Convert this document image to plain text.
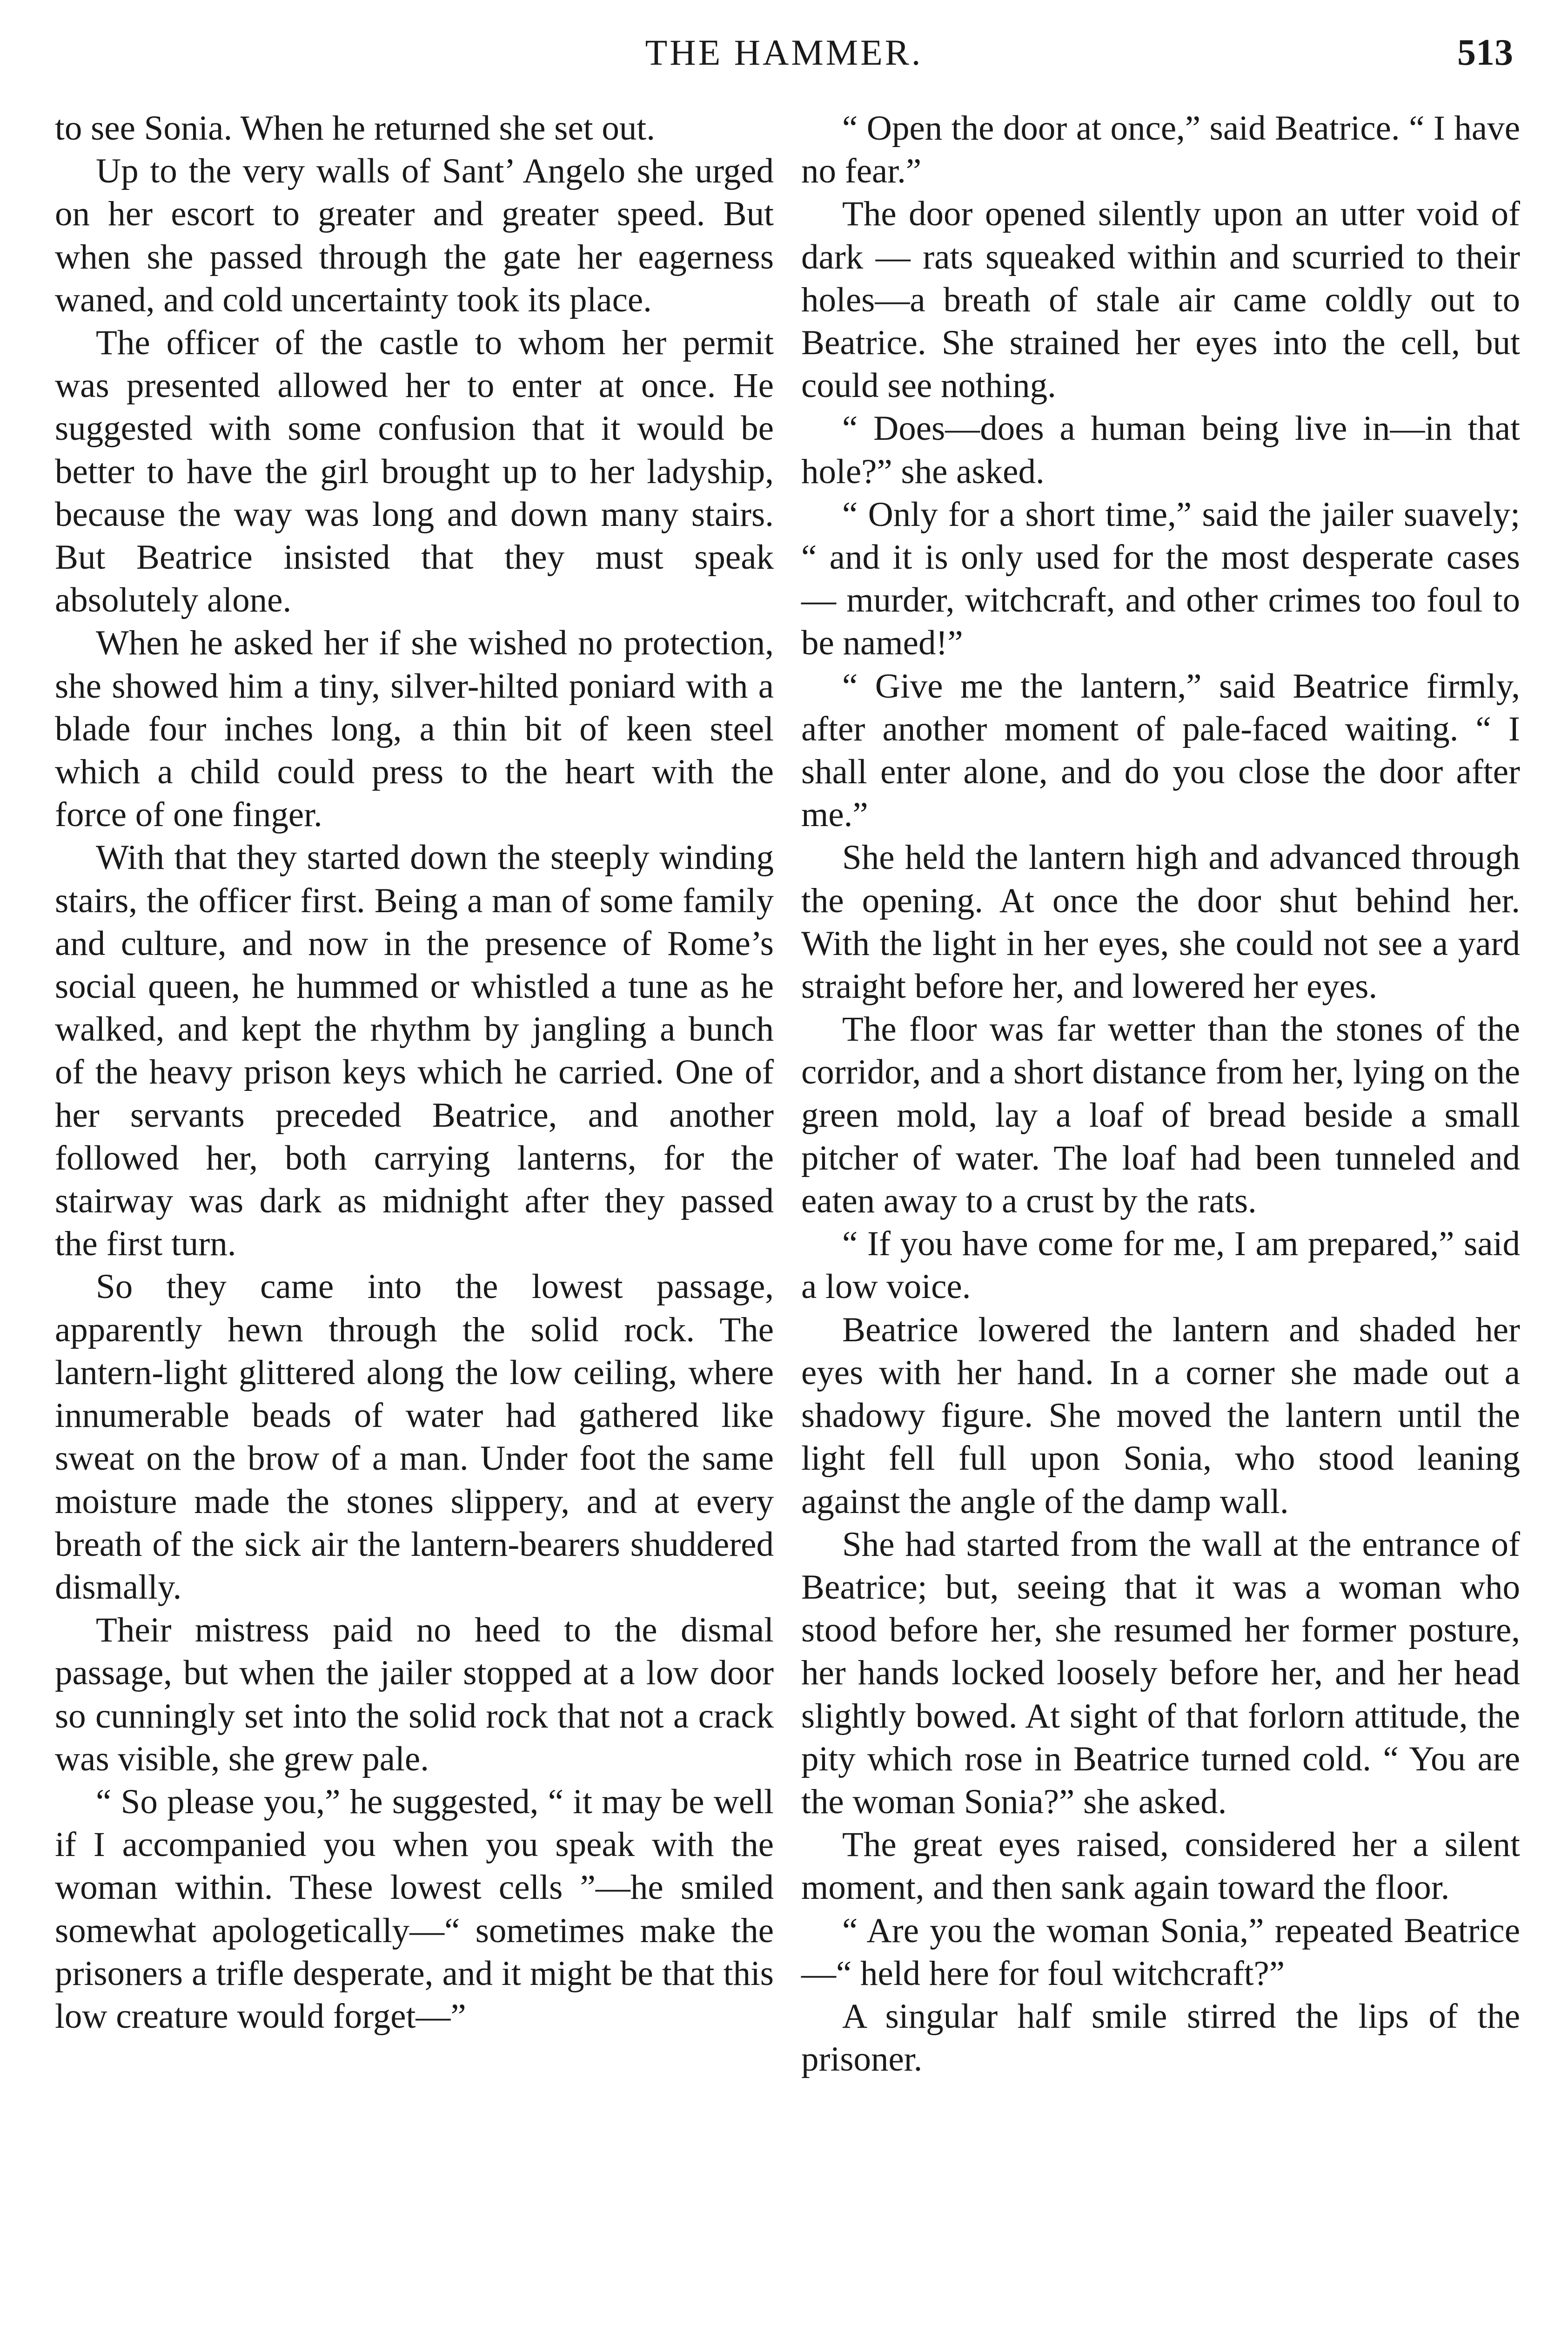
THE HAMMER.	513

to see Sonia. When he returned she set out.

Up to the very walls of Sant’ Angelo she urged on her escort to greater and greater speed. But when she passed through the gate her eagerness waned, and cold uncertainty took its place.

The officer of the castle to whom her permit was presented allowed her to enter at once. He suggested with some confusion that it would be better to have the girl brought up to her ladyship, because the way was long and down many stairs. But Beatrice insisted that they must speak absolutely alone.

When he asked her if she wished no protection, she showed him a tiny, silver-hilted poniard with a blade four inches long, a thin bit of keen steel which a child could press to the heart with the force of one finger.

With that they started down the steeply winding stairs, the officer first. Being a man of some family and culture, and now in the presence of Rome’s social queen, he hummed or whistled a tune as he walked, and kept the rhythm by jangling a bunch of the heavy prison keys which he carried. One of her servants preceded Beatrice, and another followed her, both carrying lanterns, for the stairway was dark as midnight after they passed the first turn.

So they came into the lowest passage, apparently hewn through the solid rock. The lantern-light glittered along the low ceiling, where innumerable beads of water had gathered like sweat on the brow of a man. Under foot the same moisture made the stones slippery, and at every breath of the sick air the lantern-bearers shuddered dismally.

Their mistress paid no heed to the dismal passage, but when the jailer stopped at a low door so cunningly set into the solid rock that not a crack was visible, she grew pale.

“ So please you,” he suggested, “ it may be well if I accompanied you when you speak with the woman within. These lowest cells ”—he smiled somewhat apologetically—“ sometimes make the prisoners a trifle desperate, and it might be that this low creature would forget—”

“ Open the door at once,” said Beatrice. “ I have no fear.”

The door opened silently upon an utter void of dark — rats squeaked within and scurried to their holes—a breath of stale air came coldly out to Beatrice. She strained her eyes into the cell, but could see nothing.

“ Does—does a human being live in—in that hole?” she asked.

“ Only for a short time,” said the jailer suavely; “ and it is only used for the most desperate cases — murder, witchcraft, and other crimes too foul to be named!”

“ Give me the lantern,” said Beatrice firmly, after another moment of pale-faced waiting. “ I shall enter alone, and do you close the door after me.”

She held the lantern high and advanced through the opening. At once the door shut behind her. With the light in her eyes, she could not see a yard straight before her, and lowered her eyes.

The floor was far wetter than the stones of the corridor, and a short distance from her, lying on the green mold, lay a loaf of bread beside a small pitcher of water. The loaf had been tunneled and eaten away to a crust by the rats.

“ If you have come for me, I am prepared,” said a low voice.

Beatrice lowered the lantern and shaded her eyes with her hand. In a corner she made out a shadowy figure. She moved the lantern until the light fell full upon Sonia, who stood leaning against the angle of the damp wall.

She had started from the wall at the entrance of Beatrice; but, seeing that it was a woman who stood before her, she resumed her former posture, her hands locked loosely before her, and her head slightly bowed. At sight of that forlorn attitude, the pity which rose in Beatrice turned cold. “ You are the woman Sonia?” she asked.

The great eyes raised, considered her a silent moment, and then sank again toward the floor.

“ Are you the woman Sonia,” repeated Beatrice—“ held here for foul witchcraft?”

A singular half smile stirred the lips of the prisoner.
